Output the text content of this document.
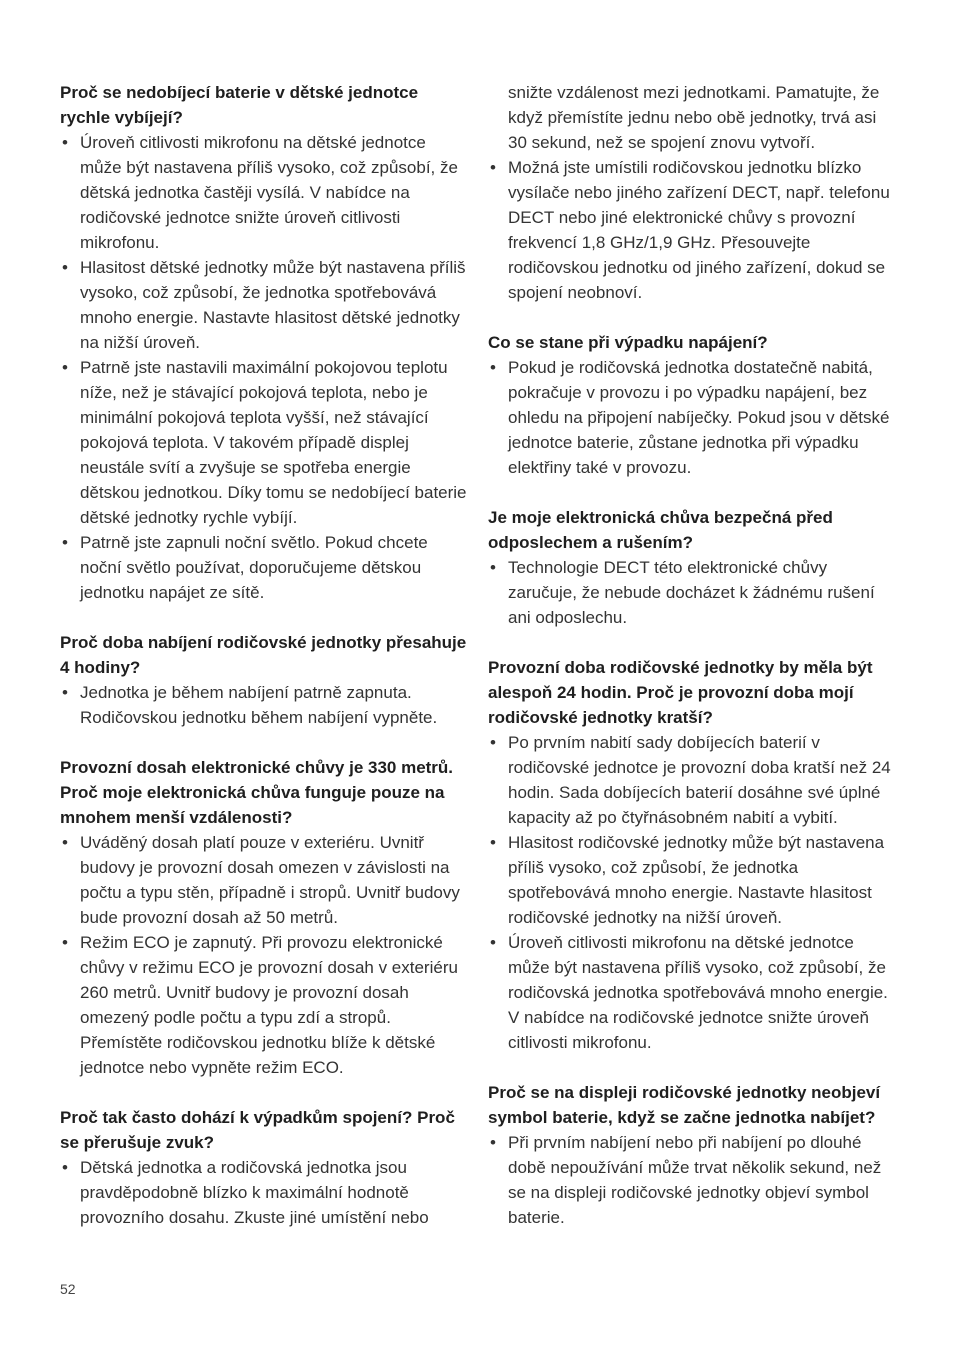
Proč se nedobíjecí baterie v dětské jednotce rychle vybíjejí?

• Úroveň citlivosti mikrofonu na dětské jednotce může být nastavena příliš vysoko, což způsobí, že dětská jednotka častěji vysílá. V nabídce na rodičovské jednotce snižte úroveň citlivosti mikrofonu.
• Hlasitost dětské jednotky může být nastavena příliš vysoko, což způsobí, že jednotka spotřebovává mnoho energie. Nastavte hlasitost dětské jednotky na nižší úroveň.
• Patrně jste nastavili maximální pokojovou teplotu níže, než je stávající pokojová teplota, nebo je minimální pokojová teplota vyšší, než stávající pokojová teplota. V takovém případě displej neustále svítí a zvyšuje se spotřeba energie dětskou jednotkou. Díky tomu se nedobíjecí baterie dětské jednotky rychle vybíjí.
• Patrně jste zapnuli noční světlo. Pokud chcete noční světlo používat, doporučujeme dětskou jednotku napájet ze sítě.

Proč doba nabíjení rodičovské jednotky přesahuje 4 hodiny?

• Jednotka je během nabíjení patrně zapnuta. Rodičovskou jednotku během nabíjení vypněte.

Provozní dosah elektronické chůvy je 330 metrů. Proč moje elektronická chůva funguje pouze na mnohem menší vzdálenosti?

• Uváděný dosah platí pouze v exteriéru. Uvnitř budovy je provozní dosah omezen v závislosti na počtu a typu stěn, případně i stropů. Uvnitř budovy bude provozní dosah až 50 metrů.
• Režim ECO je zapnutý. Při provozu elektronické chůvy v režimu ECO je provozní dosah v exteriéru 260 metrů. Uvnitř budovy je provozní dosah omezený podle počtu a typu zdí a stropů. Přemístěte rodičovskou jednotku blíže k dětské jednotce nebo vypněte režim ECO.

Proč tak často dohází k výpadkům spojení? Proč se přerušuje zvuk?

• Dětská jednotka a rodičovská jednotka jsou pravděpodobně blízko k maximální hodnotě provozního dosahu. Zkuste jiné umístění nebo
snižte vzdálenost mezi jednotkami. Pamatujte, že když přemístíte jednu nebo obě jednotky, trvá asi 30 sekund, než se spojení znovu vytvoří.
• Možná jste umístili rodičovskou jednotku blízko vysílače nebo jiného zařízení DECT, např. telefonu DECT nebo jiné elektronické chůvy s provozní frekvencí 1,8 GHz/1,9 GHz. Přesouvejte rodičovskou jednotku od jiného zařízení, dokud se spojení neobnoví.

Co se stane při výpadku napájení?

• Pokud je rodičovská jednotka dostatečně nabitá, pokračuje v provozu i po výpadku napájení, bez ohledu na připojení nabíječky. Pokud jsou v dětské jednotce baterie, zůstane jednotka při výpadku elektřiny také v provozu.

Je moje elektronická chůva bezpečná před odposlechem a rušením?

• Technologie DECT této elektronické chůvy zaručuje, že nebude docházet k žádnému rušení ani odposlechu.

Provozní doba rodičovské jednotky by měla být alespoň 24 hodin. Proč je provozní doba mojí rodičovské jednotky kratší?

• Po prvním nabití sady dobíjecích baterií v rodičovské jednotce je provozní doba kratší než 24 hodin. Sada dobíjecích baterií dosáhne své úplné kapacity až po čtyřnásobném nabití a vybití.
• Hlasitost rodičovské jednotky může být nastavena příliš vysoko, což způsobí, že jednotka spotřebovává mnoho energie. Nastavte hlasitost rodičovské jednotky na nižší úroveň.
• Úroveň citlivosti mikrofonu na dětské jednotce může být nastavena příliš vysoko, což způsobí, že rodičovská jednotka spotřebovává mnoho energie. V nabídce na rodičovské jednotce snižte úroveň citlivosti mikrofonu.

Proč se na displeji rodičovské jednotky neobjeví symbol baterie, když se začne jednotka nabíjet?

• Při prvním nabíjení nebo při nabíjení po dlouhé době nepoužívání může trvat několik sekund, než se na displeji rodičovské jednotky objeví symbol baterie.
52
